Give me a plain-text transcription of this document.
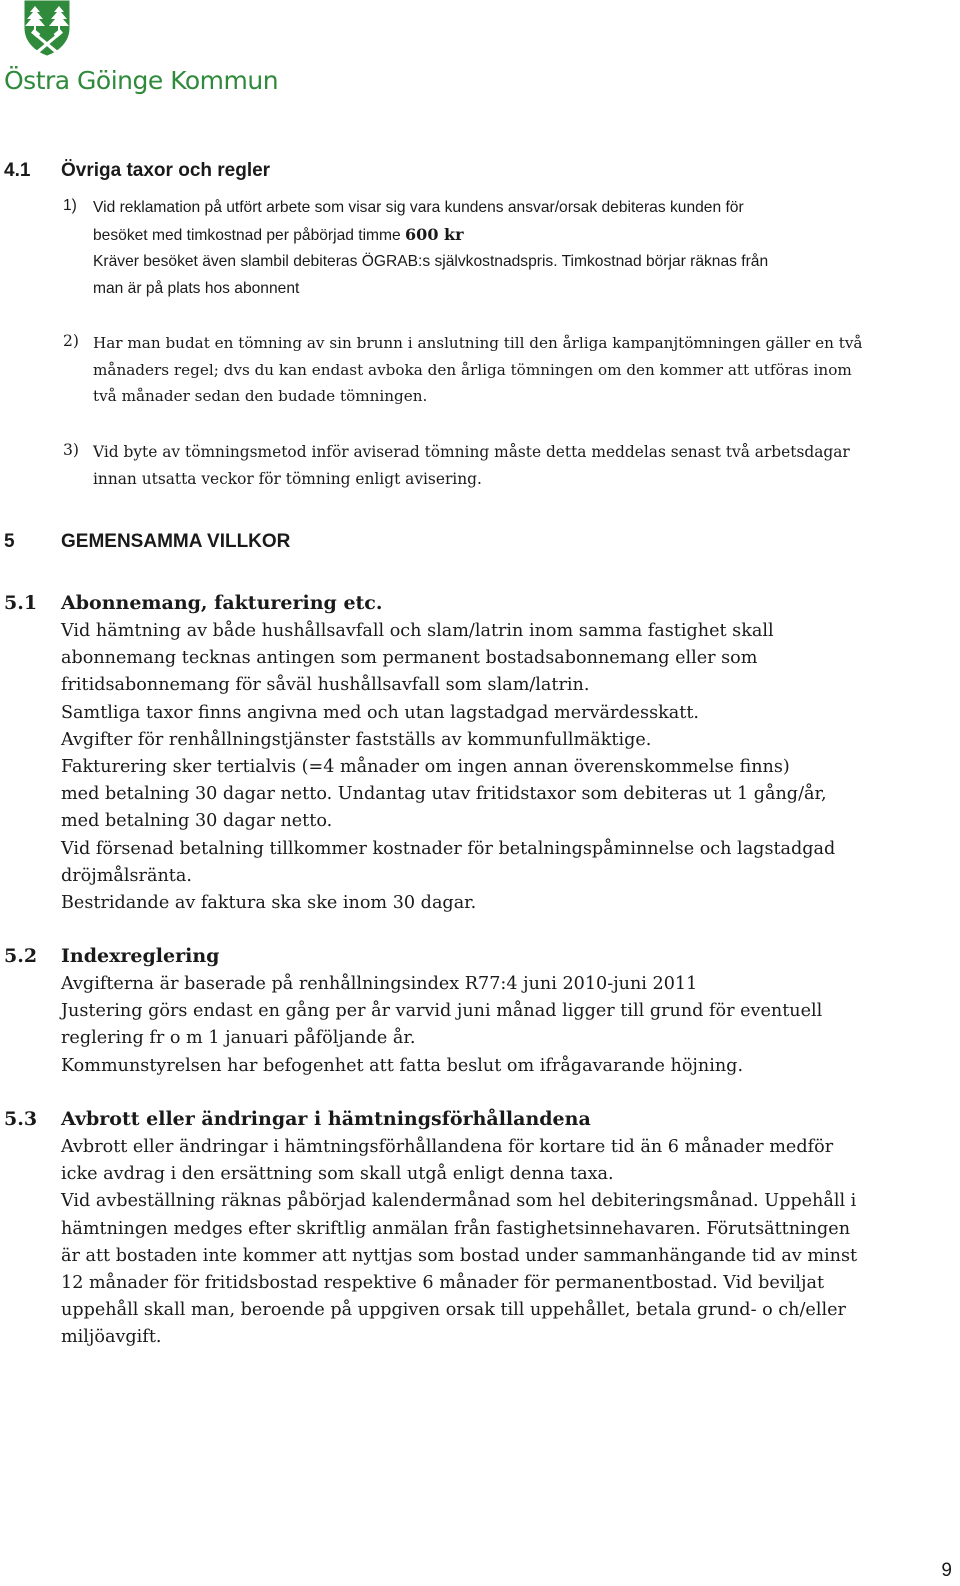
Östra Göinge Kommun
4.1 Övriga taxor och regler
1) Vid reklamation på utfört arbete som visar sig vara kundens ansvar/orsak debiteras kunden för
besöket med timkostnad per påbörjad timme 600 kr
Kräver besöket även slambil debiteras ÖGRAB:s självkostnadspris. Timkostnad börjar räknas från
man är på plats hos abonnent
2) Har man budat en tömning av sin brunn i anslutning till den årliga kampanjtömningen gäller en två
månaders regel; dvs du kan endast avboka den årliga tömningen om den kommer att utföras inom
två månader sedan den budade tömningen.
3) Vid byte av tömningsmetod inför aviserad tömning måste detta meddelas senast två arbetsdagar
innan utsatta veckor för tömning enligt avisering.
5 GEMENSAMMA VILLKOR
5.1 Abonnemang, fakturering etc.
Vid hämtning av både hushållsavfall och slam/latrin inom samma fastighet skall
abonnemang tecknas antingen som permanent bostadsabonnemang eller som
fritidsabonnemang för såväl hushållsavfall som slam/latrin.
Samtliga taxor finns angivna med och utan lagstadgad mervärdesskatt.
Avgifter för renhållningstjänster fastställs av kommunfullmäktige.
Fakturering sker tertialvis (=4 månader om ingen annan överenskommelse finns)
med betalning 30 dagar netto. Undantag utav fritidstaxor som debiteras ut 1 gång/år,
med betalning 30 dagar netto.
Vid försenad betalning tillkommer kostnader för betalningspåminnelse och lagstadgad
dröjmålsränta.
Bestridande av faktura ska ske inom 30 dagar.
5.2 Indexreglering
Avgifterna är baserade på renhållningsindex R77:4 juni 2010-juni 2011
Justering görs endast en gång per år varvid juni månad ligger till grund för eventuell
reglering fr o m 1 januari påföljande år.
Kommunstyrelsen har befogenhet att fatta beslut om ifrågavarande höjning.
5.3 Avbrott eller ändringar i hämtningsförhållandena
Avbrott eller ändringar i hämtningsförhållandena för kortare tid än 6 månader medför
icke avdrag i den ersättning som skall utgå enligt denna taxa.
Vid avbeställning räknas påbörjad kalendermånad som hel debiteringsmånad. Uppehåll i
hämtningen medges efter skriftlig anmälan från fastighetsinnehavaren. Förutsättningen
är att bostaden inte kommer att nyttjas som bostad under sammanhängande tid av minst
12 månader för fritidsbostad respektive 6 månader för permanentbostad. Vid beviljat
uppehåll skall man, beroende på uppgiven orsak till uppehållet, betala grund- o ch/eller
miljöavgift.
9
